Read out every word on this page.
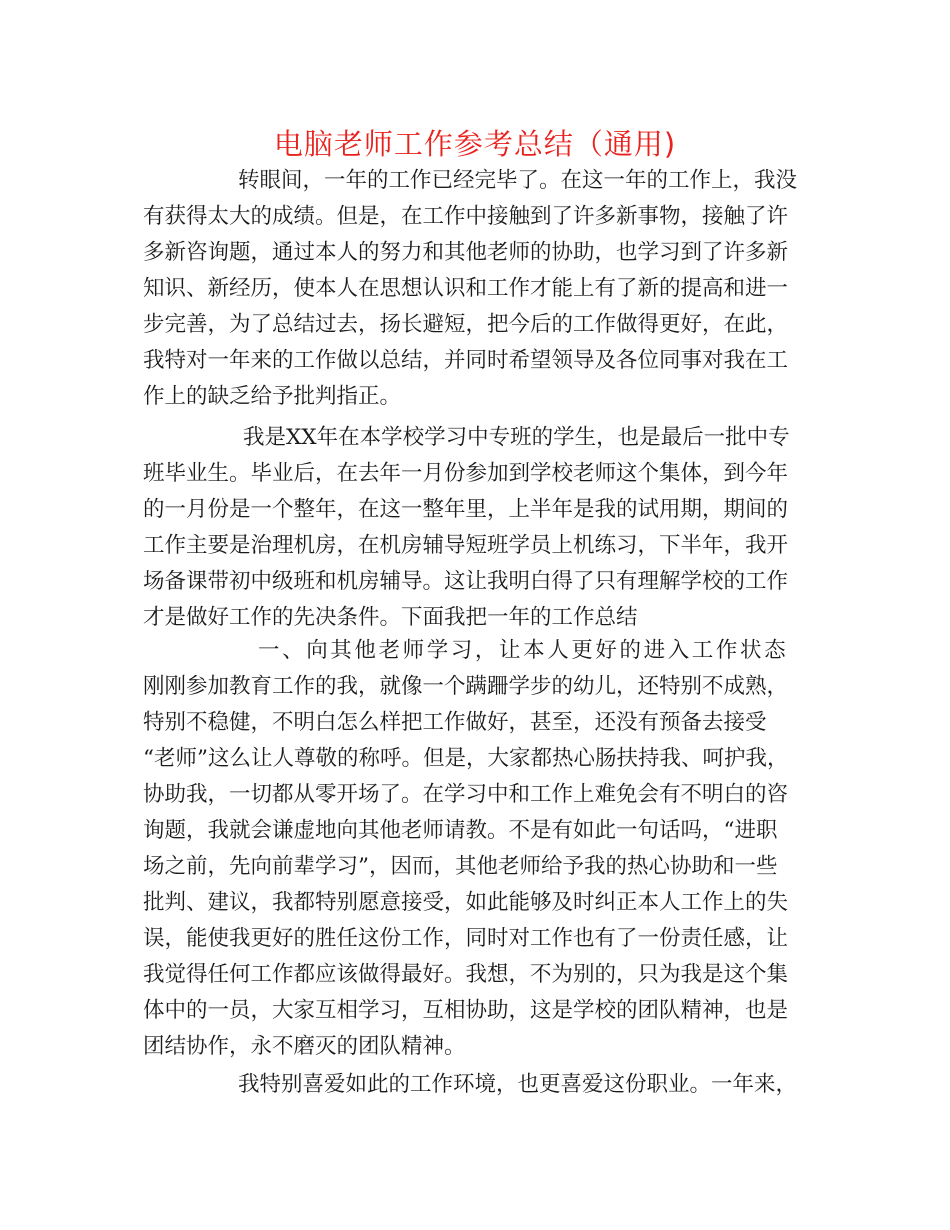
电脑老师工作参考总结（通用)
转眼间，一年的工作已经完毕了。在这一年的工作上，我没
有获得太大的成绩。但是，在工作中接触到了许多新事物，接触了许
多新咨询题，通过本人的努力和其他老师的协助，也学习到了许多新
知识、新经历，使本人在思想认识和工作才能上有了新的提高和进一
步完善，为了总结过去，扬长避短，把今后的工作做得更好，在此，
我特对一年来的工作做以总结，并同时希望领导及各位同事对我在工
作上的缺乏给予批判指正。
我是XX年在本学校学习中专班的学生，也是最后一批中专
班毕业生。毕业后，在去年一月份参加到学校老师这个集体，到今年
的一月份是一个整年，在这一整年里，上半年是我的试用期，期间的
工作主要是治理机房，在机房辅导短班学员上机练习，下半年，我开
场备课带初中级班和机房辅导。这让我明白得了只有理解学校的工作
才是做好工作的先决条件。下面我把一年的工作总结
一、向其他老师学习，让本人更好的进入工作状态
刚刚参加教育工作的我，就像一个蹒跚学步的幼儿，还特别不成熟，
特别不稳健，不明白怎么样把工作做好，甚至，还没有预备去接受
“老师”这么让人尊敬的称呼。但是，大家都热心肠扶持我、呵护我，
协助我，一切都从零开场了。在学习中和工作上难免会有不明白的咨
询题，我就会谦虚地向其他老师请教。不是有如此一句话吗，“进职
场之前，先向前辈学习”，因而，其他老师给予我的热心协助和一些
批判、建议，我都特别愿意接受，如此能够及时纠正本人工作上的失
误，能使我更好的胜任这份工作，同时对工作也有了一份责任感，让
我觉得任何工作都应该做得最好。我想，不为别的，只为我是这个集
体中的一员，大家互相学习，互相协助，这是学校的团队精神，也是
团结协作，永不磨灭的团队精神。
我特别喜爱如此的工作环境，也更喜爱这份职业。一年来，
